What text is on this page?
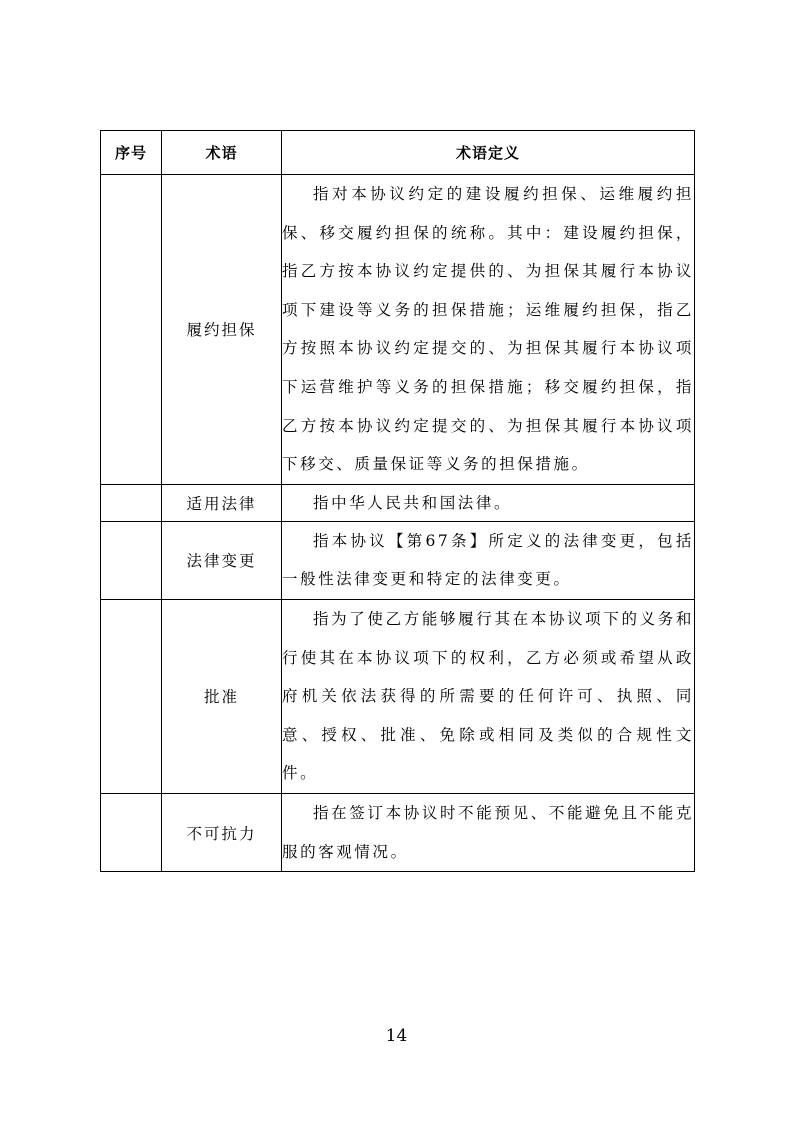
序号	术语	术语定义
	履约担保	指对本协议约定的建设履约担保、运维履约担保、移交履约担保的统称。其中：建设履约担保，指乙方按本协议约定提供的、为担保其履行本协议项下建设等义务的担保措施；运维履约担保，指乙方按照本协议约定提交的、为担保其履行本协议项下运营维护等义务的担保措施；移交履约担保，指乙方按本协议约定提交的、为担保其履行本协议项下移交、质量保证等义务的担保措施。

	适用法律	指中华人民共和国法律。

	法律变更	指本协议【第67条】所定义的法律变更，包括一般性法律变更和特定的法律变更。

	批准	指为了使乙方能够履行其在本协议项下的义务和行使其在本协议项下的权利，乙方必须或希望从政府机关依法获得的所需要的任何许可、执照、同意、授权、批准、免除或相同及类似的合规性文件。

	不可抗力	指在签订本协议时不能预见、不能避免且不能克服的客观情况。

14
